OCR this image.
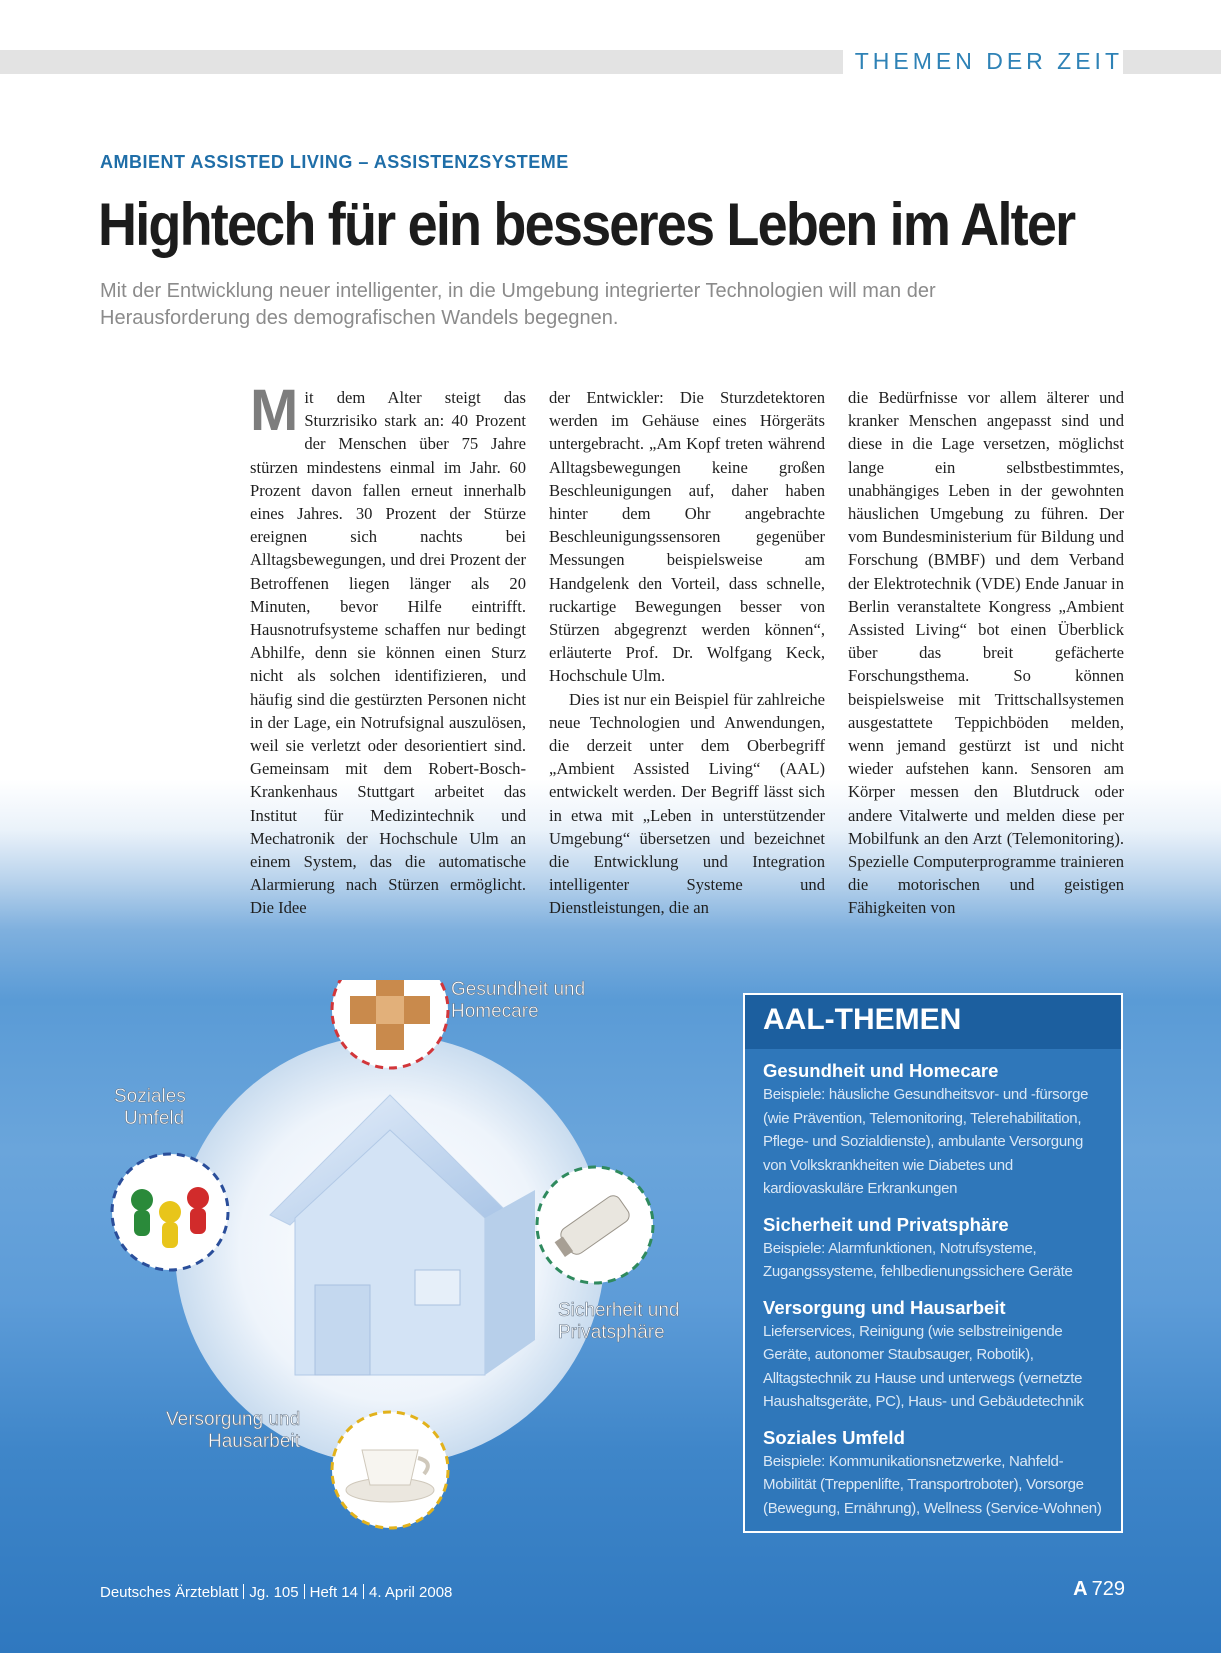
THEMEN DER ZEIT
AMBIENT ASSISTED LIVING – ASSISTENZSYSTEME
Hightech für ein besseres Leben im Alter

Mit der Entwicklung neuer intelligenter, in die Umgebung integrierter Technologien will man der Herausforderung des demografischen Wandels begegnen.

Mit dem Alter steigt das Sturzrisiko stark an: 40 Prozent der Menschen über 75 Jahre stürzen mindestens einmal im Jahr. 60 Prozent davon fallen erneut innerhalb eines Jahres. 30 Prozent der Stürze ereignen sich nachts bei Alltagsbewegungen, und drei Prozent der Betroffenen liegen länger als 20 Minuten, bevor Hilfe eintrifft. Hausnotrufsysteme schaffen nur bedingt Abhilfe, denn sie können einen Sturz nicht als solchen identifizieren, und häufig sind die gestürzten Personen nicht in der Lage, ein Notrufsignal auszulösen, weil sie verletzt oder desorientiert sind. Gemeinsam mit dem Robert-Bosch-Krankenhaus Stuttgart arbeitet das Institut für Medizintechnik und Mechatronik der Hochschule Ulm an einem System, das die automatische Alarmierung nach Stürzen ermöglicht. Die Idee

der Entwickler: Die Sturzdetektoren werden im Gehäuse eines Hörgeräts untergebracht. „Am Kopf treten während Alltagsbewegungen keine großen Beschleunigungen auf, daher haben hinter dem Ohr angebrachte Beschleunigungssensoren gegenüber Messungen beispielsweise am Handgelenk den Vorteil, dass schnelle, ruckartige Bewegungen besser von Stürzen abgegrenzt werden können“, erläuterte Prof. Dr. Wolfgang Keck, Hochschule Ulm.

Dies ist nur ein Beispiel für zahlreiche neue Technologien und Anwendungen, die derzeit unter dem Oberbegriff „Ambient Assisted Living“ (AAL) entwickelt werden. Der Begriff lässt sich in etwa mit „Leben in unterstützender Umgebung“ übersetzen und bezeichnet die Entwicklung und Integration intelligenter Systeme und Dienstleistungen, die an

die Bedürfnisse vor allem älterer und kranker Menschen angepasst sind und diese in die Lage versetzen, möglichst lange ein selbstbestimmtes, unabhängiges Leben in der gewohnten häuslichen Umgebung zu führen. Der vom Bundesministerium für Bildung und Forschung (BMBF) und dem Verband der Elektrotechnik (VDE) Ende Januar in Berlin veranstaltete Kongress „Ambient Assisted Living“ bot einen Überblick über das breit gefächerte Forschungsthema. So können beispielsweise mit Trittschallsystemen ausgestattete Teppichböden melden, wenn jemand gestürzt ist und nicht wieder aufstehen kann. Sensoren am Körper messen den Blutdruck oder andere Vitalwerte und melden diese per Mobilfunk an den Arzt (Telemonitoring). Spezielle Computerprogramme trainieren die motorischen und geistigen Fähigkeiten von

Gesundheit und
Homecare
Soziales
Umfeld
Sicherheit und
Privatsphäre
Versorgung und
Hausarbeit
AAL-THEMEN
Gesundheit und Homecare

Beispiele: häusliche Gesundheitsvor- und -fürsorge (wie Prävention, Telemonitoring, Telerehabilitation, Pflege- und Sozialdienste), ambulante Versorgung von Volkskrankheiten wie Diabetes und kardiovaskuläre Erkrankungen

Sicherheit und Privatsphäre

Beispiele: Alarmfunktionen, Notrufsysteme, Zugangssysteme, fehlbedienungssichere Geräte

Versorgung und Hausarbeit

Lieferservices, Reinigung (wie selbstreinigende Geräte, autonomer Staubsauger, Robotik), Alltagstechnik zu Hause und unterwegs (vernetzte Haushaltsgeräte, PC), Haus- und Gebäudetechnik

Soziales Umfeld

Beispiele: Kommunikationsnetzwerke, Nahfeld-Mobilität (Treppenlifte, Transportroboter), Vorsorge (Bewegung, Ernährung), Wellness (Service-Wohnen)

Deutsches Ärzteblatt Jg. 105 Heft 14 4. April 2008	A 729
